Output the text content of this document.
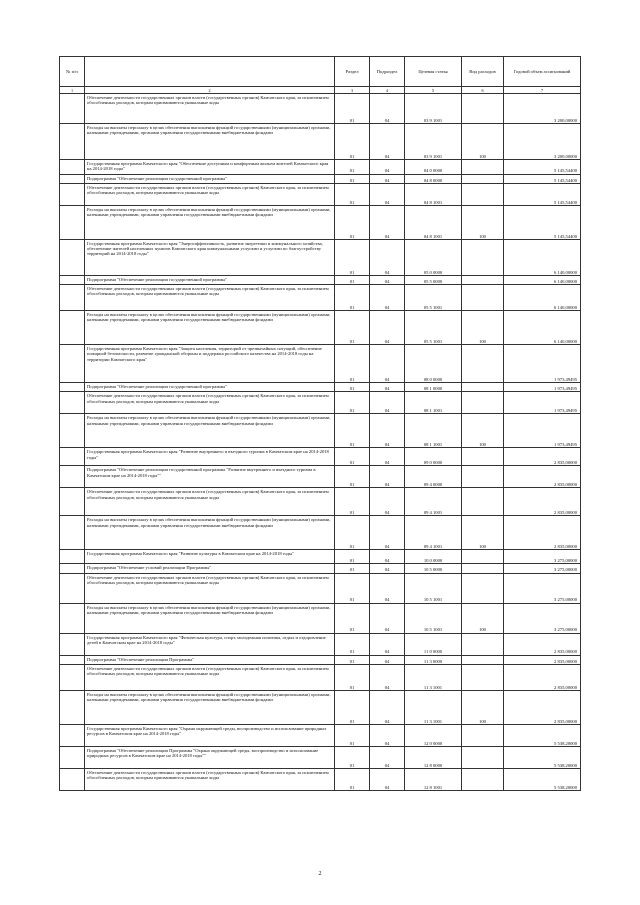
№ п/п		Раздел	Подраздел	Целевая статья	Вид расходов	Годовой объем ассигнований
1	2	3	4	5	6	7
	Обеспечение деятельности государственных органов власти (государственных органов) Камчатского края, за исключением обособленных расходов, которым присваиваются уникальные коды	01	04	03 9 1001		3 200,00000
	Расходы на выплаты персоналу в целях обеспечения выполнения функций государственными (муниципальными) органами, казенными учреждениями, органами управления государственными внебюджетными фондами	01	04	03 9 1001	100	3 200,00000
	Государственная программа Камчатского края "Обеспечение доступным и комфортным жильем жителей Камчатского края на 2014-2018 годы"	01	04	04 0 0000		5 145,54400
	Подпрограмма "Обеспечение реализации государственной программы"	01	04	04 8 0000		5 145,54400
	Обеспечение деятельности государственных органов власти (государственных органов) Камчатского края, за исключением обособленных расходов, которым присваиваются уникальные коды	01	04	04 8 1001		5 145,54400
	Расходы на выплаты персоналу в целях обеспечения выполнения функций государственными (муниципальными) органами, казенными учреждениями, органами управления государственными внебюджетными фондами	01	04	04 8 1001	100	5 145,54400
	Государственная программа Камчатского края "Энергоэффективность, развитие энергетики и коммунального хозяйства, обеспечение жителей населенных пунктов Камчатского края коммунальными услугами и услугами по благоустройству территорий на 2014-2018 годы"	01	04	05 0 0000		6 140,00000
	Подпрограмма "Обеспечение реализации государственной программы"	01	04	05 5 0000		6 140,00000
	Обеспечение деятельности государственных органов власти (государственных органов) Камчатского края, за исключением обособленных расходов, которым присваиваются уникальные коды	01	04	05 5 1001		6 140,00000
	Расходы на выплаты персоналу в целях обеспечения выполнения функций государственными (муниципальными) органами, казенными учреждениями, органами управления государственными внебюджетными фондами	01	04	05 5 1001	100	6 140,00000
	Государственная программа Камчатского края "Защита населения, территорий от чрезвычайных ситуаций, обеспечение пожарной безопасности, развитие гражданской обороны и поддержка российского казачества на 2014-2018 годы на территории Камчатского края"	01	04	08 0 0000		1 973,49495
	Подпрограмма "Обеспечение реализации государственной программы"	01	04	08 1 0000		1 973,49495
	Обеспечение деятельности государственных органов власти (государственных органов) Камчатского края, за исключением обособленных расходов, которым присваиваются уникальные коды	01	04	08 1 1001		1 973,49495
	Расходы на выплаты персоналу в целях обеспечения выполнения функций государственными (муниципальными) органами, казенными учреждениями, органами управления государственными внебюджетными фондами	01	04	08 1 1001	100	1 973,49495
	Государственная программа Камчатского края "Развитие внутреннего и въездного туризма в Камчатском крае на 2014-2018 годы"	01	04	09 0 0000		2 835,00000
	Подпрограмма "Обеспечение реализации государственной программы "Развитие внутреннего и въездного туризма в Камчатском крае на 2014-2018 годы""	01	04	09 4 0000		2 835,00000
	Обеспечение деятельности государственных органов власти (государственных органов) Камчатского края, за исключением обособленных расходов, которым присваиваются уникальные коды	01	04	09 4 1001		2 835,00000
	Расходы на выплаты персоналу в целях обеспечения выполнения функций государственными (муниципальными) органами, казенными учреждениями, органами управления государственными внебюджетными фондами	01	04	09 4 1001	100	2 835,00000
	Государственная программа Камчатского края "Развитие культуры в Камчатском крае на 2014-2018 годы"	01	04	10 0 0000		3 275,00000
	Подпрограмма "Обеспечение условий реализации Программы"	01	04	10 5 0000		3 275,00000
	Обеспечение деятельности государственных органов власти (государственных органов) Камчатского края, за исключением обособленных расходов, которым присваиваются уникальные коды	01	04	10 5 1001		3 275,00000
	Расходы на выплаты персоналу в целях обеспечения выполнения функций государственными (муниципальными) органами, казенными учреждениями, органами управления государственными внебюджетными фондами	01	04	10 5 1001	100	3 275,00000
	Государственная программа Камчатского края "Физическая культура, спорт, молодежная политика, отдых и оздоровление детей в Камчатском крае на 2014-2018 годы"	01	04	11 0 0000		2 835,00000
	Подпрограмма "Обеспечение реализации Программы"	01	04	11 3 0000		2 835,00000
	Обеспечение деятельности государственных органов власти (государственных органов) Камчатского края, за исключением обособленных расходов, которым присваиваются уникальные коды	01	04	11 3 1001		2 835,00000
	Расходы на выплаты персоналу в целях обеспечения выполнения функций государственными (муниципальными) органами, казенными учреждениями, органами управления государственными внебюджетными фондами	01	04	11 3 1001	100	2 835,00000
	Государственная программа Камчатского края "Охрана окружающей среды, воспроизводство и использование природных ресурсов в Камчатском крае на 2014-2018 годы"	01	04	12 0 0000		5 538,20000
	Подпрограмма "Обеспечение реализации Программы "Охрана окружающей среды, воспроизводство и использование природных ресурсов в Камчатском крае на 2014-2018 годы""	01	04	12 8 0000		5 538,20000
	Обеспечение деятельности государственных органов власти (государственных органов) Камчатского края, за исключением обособленных расходов, которым присваиваются уникальные коды	01	04	12 8 1001		5 538,20000
2
